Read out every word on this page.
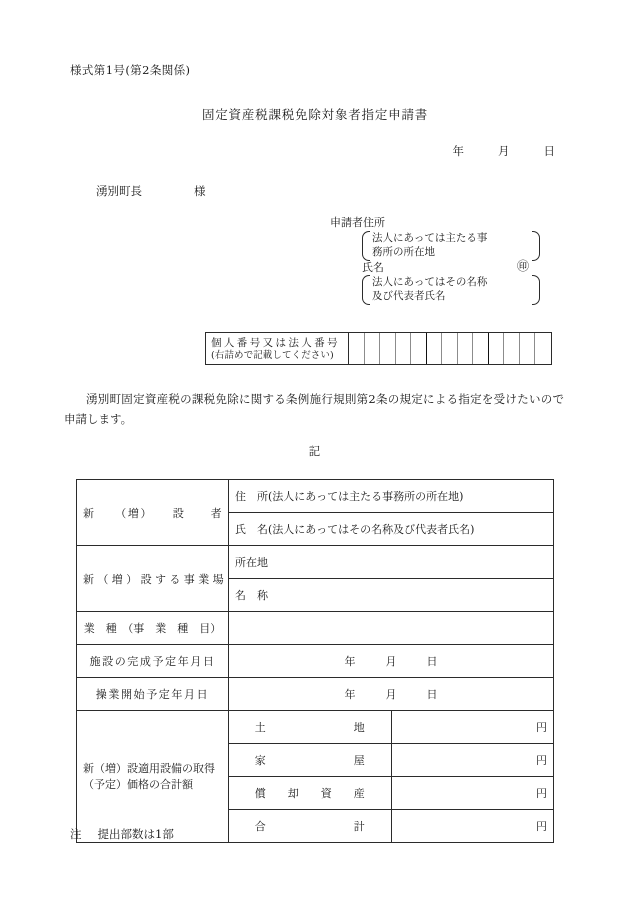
様式第1号(第2条関係)
固定資産税課税免除対象者指定申請書
年	月	日
湧別町長	様
申請者住所
法人にあっては主たる事
務所の所在地
氏名	㊞
法人にあってはその名称
及び代表者氏名
個人番号又は法人番号
(右詰めで記載してください)
湧別町固定資産税の課税免除に関する条例施行規則第2条の規定による指定を受けたいので申請します。
記
新　　（増）　　設　　者	住　所(法人にあっては主たる事務所の所在地)	
	氏　名(法人にあってはその名称及び代表者氏名)	
新（増）設する事業場	所在地	
	名　称	
業　種　（事　業　種　目）		
施設の完成予定年月日	年 月 日	
操業開始予定年月日	年 月 日	

新（増）設適用設備の取得
（予定）価格の合計額	土　　　　　　　　地	円
	家　　　　　　　　屋	円
	償　　却　　資　　産	円
	合　　　　　　　　計	円
注 提出部数は1部
